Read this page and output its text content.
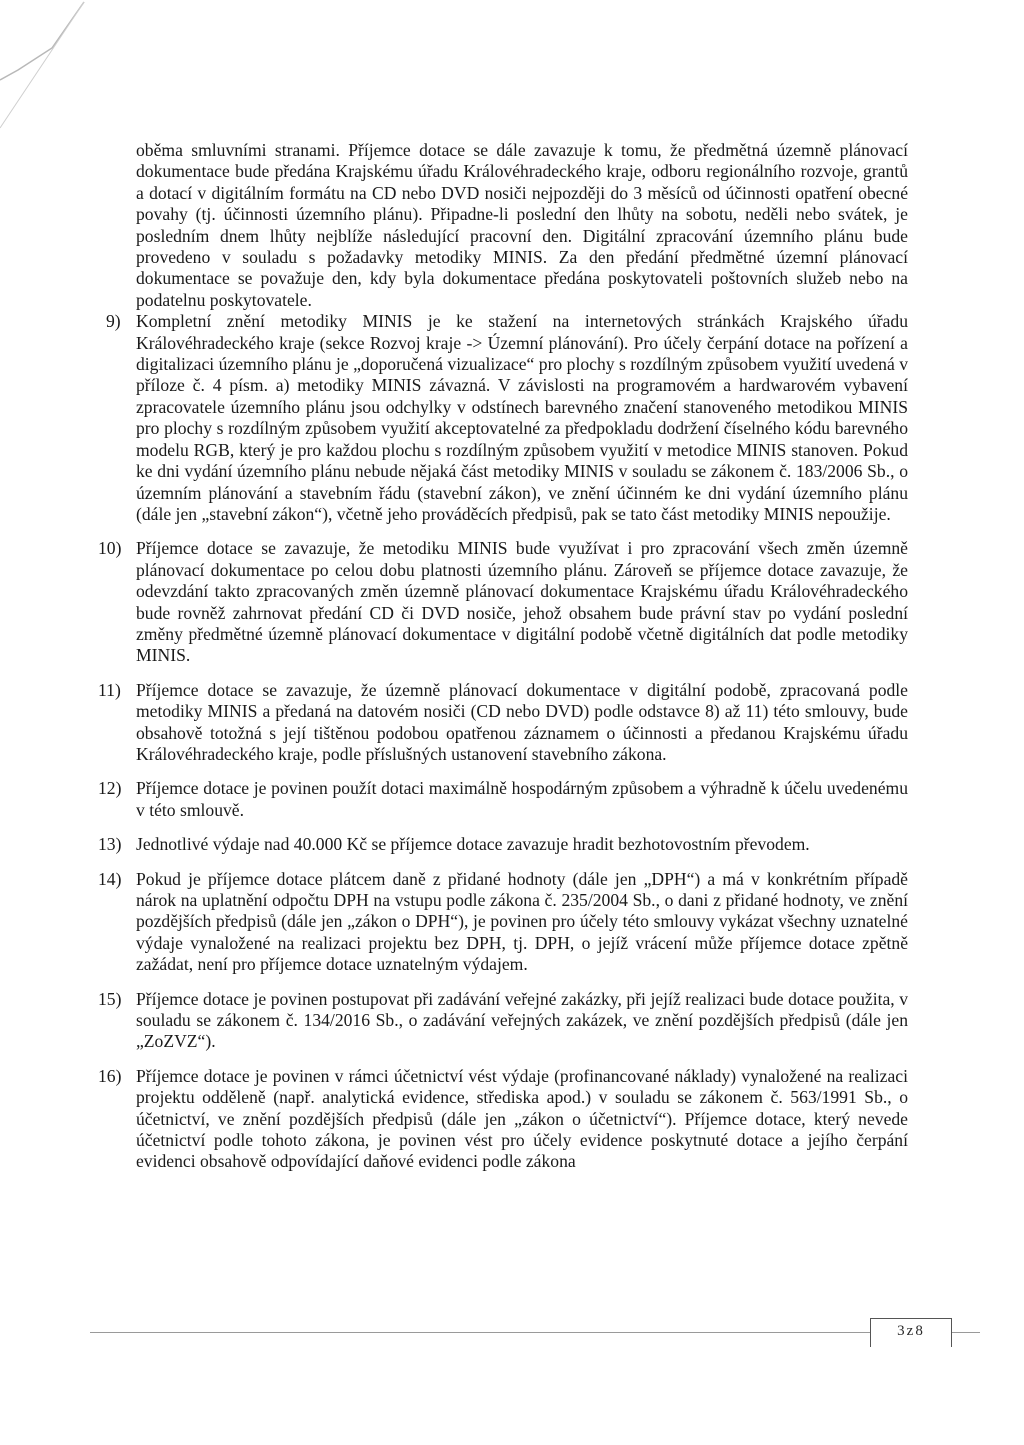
oběma smluvními stranami. Příjemce dotace se dále zavazuje k tomu, že předmětná územně plánovací dokumentace bude předána Krajskému úřadu Královéhradeckého kraje, odboru regionálního rozvoje, grantů a dotací v digitálním formátu na CD nebo DVD nosiči nejpozději do 3 měsíců od účinnosti opatření obecné povahy (tj. účinnosti územního plánu). Připadne-li poslední den lhůty na sobotu, neděli nebo svátek, je posledním dnem lhůty nejblíže následující pracovní den. Digitální zpracování územního plánu bude provedeno v souladu s požadavky metodiky MINIS. Za den předání předmětné územní plánovací dokumentace se považuje den, kdy byla dokumentace předána poskytovateli poštovních služeb nebo na podatelnu poskytovatele.

9) Kompletní znění metodiky MINIS je ke stažení na internetových stránkách Krajského úřadu Královéhradeckého kraje (sekce Rozvoj kraje -> Územní plánování). Pro účely čerpání dotace na pořízení a digitalizaci územního plánu je „doporučená vizualizace“ pro plochy s rozdílným způsobem využití uvedená v příloze č. 4 písm. a) metodiky MINIS závazná. V závislosti na programovém a hardwarovém vybavení zpracovatele územního plánu jsou odchylky v odstínech barevného značení stanoveného metodikou MINIS pro plochy s rozdílným způsobem využití akceptovatelné za předpokladu dodržení číselného kódu barevného modelu RGB, který je pro každou plochu s rozdílným způsobem využití v metodice MINIS stanoven. Pokud ke dni vydání územního plánu nebude nějaká část metodiky MINIS v souladu se zákonem č. 183/2006 Sb., o územním plánování a stavebním řádu (stavební zákon), ve znění účinném ke dni vydání územního plánu (dále jen „stavební zákon“), včetně jeho prováděcích předpisů, pak se tato část metodiky MINIS nepoužije.

10) Příjemce dotace se zavazuje, že metodiku MINIS bude využívat i pro zpracování všech změn územně plánovací dokumentace po celou dobu platnosti územního plánu. Zároveň se příjemce dotace zavazuje, že odevzdání takto zpracovaných změn územně plánovací dokumentace Krajskému úřadu Královéhradeckého bude rovněž zahrnovat předání CD či DVD nosiče, jehož obsahem bude právní stav po vydání poslední změny předmětné územně plánovací dokumentace v digitální podobě včetně digitálních dat podle metodiky MINIS.

11) Příjemce dotace se zavazuje, že územně plánovací dokumentace v digitální podobě, zpracovaná podle metodiky MINIS a předaná na datovém nosiči (CD nebo DVD) podle odstavce 8) až 11) této smlouvy, bude obsahově totožná s její tištěnou podobou opatřenou záznamem o účinnosti a předanou Krajskému úřadu Královéhradeckého kraje, podle příslušných ustanovení stavebního zákona.

12) Příjemce dotace je povinen použít dotaci maximálně hospodárným způsobem a výhradně k účelu uvedenému v této smlouvě.

13) Jednotlivé výdaje nad 40.000 Kč se příjemce dotace zavazuje hradit bezhotovostním převodem.

14) Pokud je příjemce dotace plátcem daně z přidané hodnoty (dále jen „DPH“) a má v konkrétním případě nárok na uplatnění odpočtu DPH na vstupu podle zákona č. 235/2004 Sb., o dani z přidané hodnoty, ve znění pozdějších předpisů (dále jen „zákon o DPH“), je povinen pro účely této smlouvy vykázat všechny uznatelné výdaje vynaložené na realizaci projektu bez DPH, tj. DPH, o jejíž vrácení může příjemce dotace zpětně zažádat, není pro příjemce dotace uznatelným výdajem.

15) Příjemce dotace je povinen postupovat při zadávání veřejné zakázky, při jejíž realizaci bude dotace použita, v souladu se zákonem č. 134/2016 Sb., o zadávání veřejných zakázek, ve znění pozdějších předpisů (dále jen „ZoZVZ“).

16) Příjemce dotace je povinen v rámci účetnictví vést výdaje (profinancované náklady) vynaložené na realizaci projektu odděleně (např. analytická evidence, střediska apod.) v souladu se zákonem č. 563/1991 Sb., o účetnictví, ve znění pozdějších předpisů (dále jen „zákon o účetnictví“). Příjemce dotace, který nevede účetnictví podle tohoto zákona, je povinen vést pro účely evidence poskytnuté dotace a jejího čerpání evidenci obsahově odpovídající daňové evidenci podle zákona

3z8
